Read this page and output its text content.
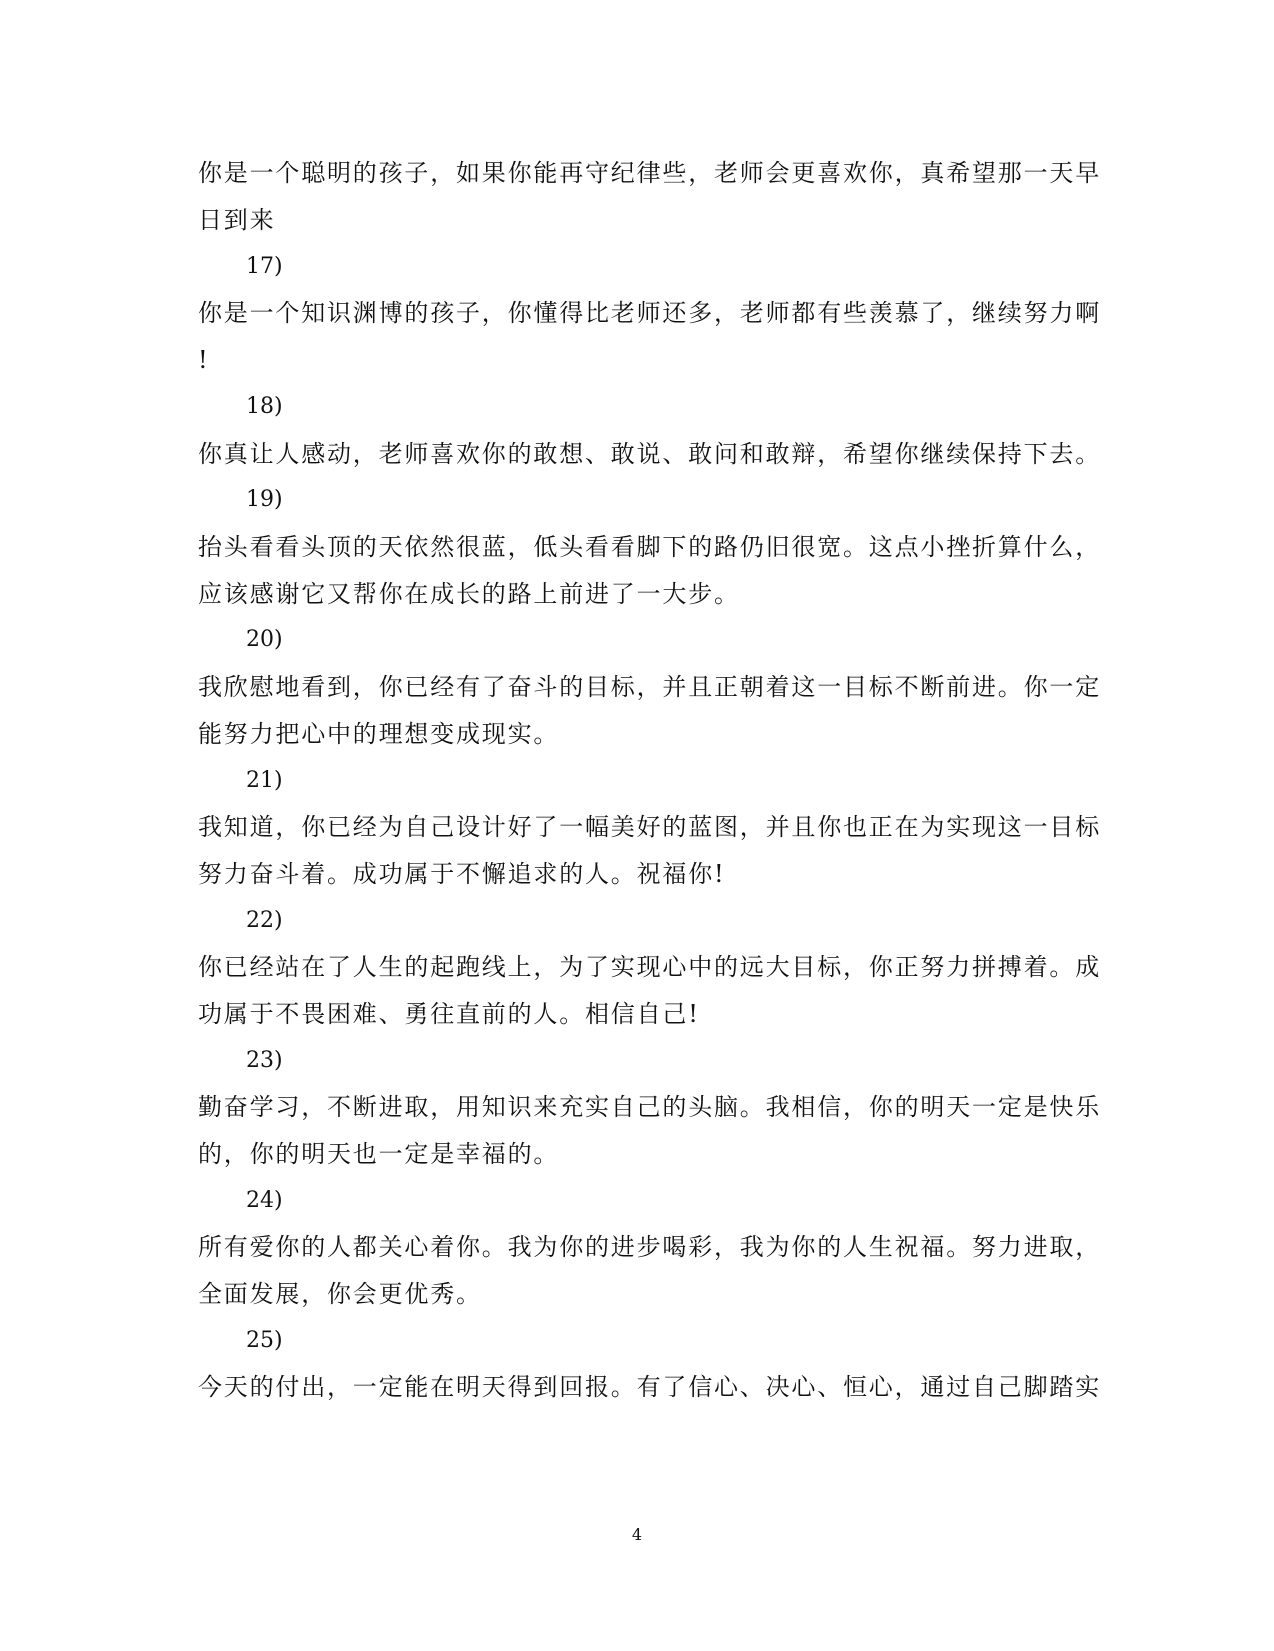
你是一个聪明的孩子，如果你能再守纪律些，老师会更喜欢你，真希望那一天早
日到来
17)
你是一个知识渊博的孩子，你懂得比老师还多，老师都有些羡慕了，继续努力啊
!
18)
你真让人感动，老师喜欢你的敢想、敢说、敢问和敢辩，希望你继续保持下去。
19)
抬头看看头顶的天依然很蓝，低头看看脚下的路仍旧很宽。这点小挫折算什么，
应该感谢它又帮你在成长的路上前进了一大步。
20)
我欣慰地看到，你已经有了奋斗的目标，并且正朝着这一目标不断前进。你一定
能努力把心中的理想变成现实。
21)
我知道，你已经为自己设计好了一幅美好的蓝图，并且你也正在为实现这一目标
努力奋斗着。成功属于不懈追求的人。祝福你!
22)
你已经站在了人生的起跑线上，为了实现心中的远大目标，你正努力拼搏着。成
功属于不畏困难、勇往直前的人。相信自己!
23)
勤奋学习，不断进取，用知识来充实自己的头脑。我相信，你的明天一定是快乐
的，你的明天也一定是幸福的。
24)
所有爱你的人都关心着你。我为你的进步喝彩，我为你的人生祝福。努力进取，
全面发展，你会更优秀。
25)
今天的付出，一定能在明天得到回报。有了信心、决心、恒心，通过自己脚踏实
4
